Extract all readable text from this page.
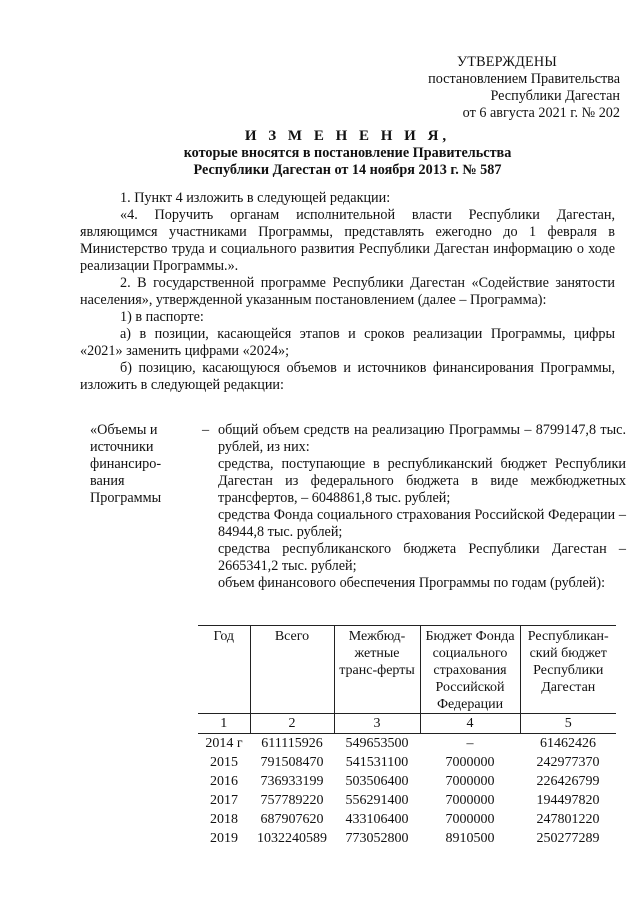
УТВЕРЖДЕНЫ
постановлением Правительства
Республики Дагестан
от 6 августа 2021 г. № 202
И З М Е Н Е Н И Я,
которые вносятся в постановление Правительства
Республики Дагестан от 14 ноября 2013 г. № 587
1. Пункт 4 изложить в следующей редакции:
«4. Поручить органам исполнительной власти Республики Дагестан, являющимся участниками Программы, представлять ежегодно до 1 февраля в Министерство труда и социального развития Республики Дагестан информацию о ходе реализации Программы.».
2. В государственной программе Республики Дагестан «Содействие занятости населения», утвержденной указанным постановлением (далее – Программа):
1) в паспорте:
а) в позиции, касающейся этапов и сроков реализации Программы, цифры «2021» заменить цифрами «2024»;
б) позицию, касающуюся объемов и источников финансирования Программы, изложить в следующей редакции:
«Объемы и
источники
финансиро-
вания
Программы
– общий объем средств на реализацию Программы – 8799147,8 тыс. рублей, из них:
средства, поступающие в республиканский бюджет Республики Дагестан из федерального бюджета в виде межбюджетных трансфертов, – 6048861,8 тыс. рублей;
средства Фонда социального страхования Российской Федерации – 84944,8 тыс. рублей;
средства республиканского бюджета Республики Дагестан – 2665341,2 тыс. рублей;
объем финансового обеспечения Программы по годам (рублей):
Год	Всего	Межбюд-жетные транс-ферты	Бюджет Фонда социального страхования Российской Федерации	Республикан-ский бюджет Республики Дагестан
1	2	3	4	5
2014 г	611115926	549653500	–	61462426
2015	791508470	541531100	7000000	242977370
2016	736933199	503506400	7000000	226426799
2017	757789220	556291400	7000000	194497820
2018	687907620	433106400	7000000	247801220
2019	1032240589	773052800	8910500	250277289
